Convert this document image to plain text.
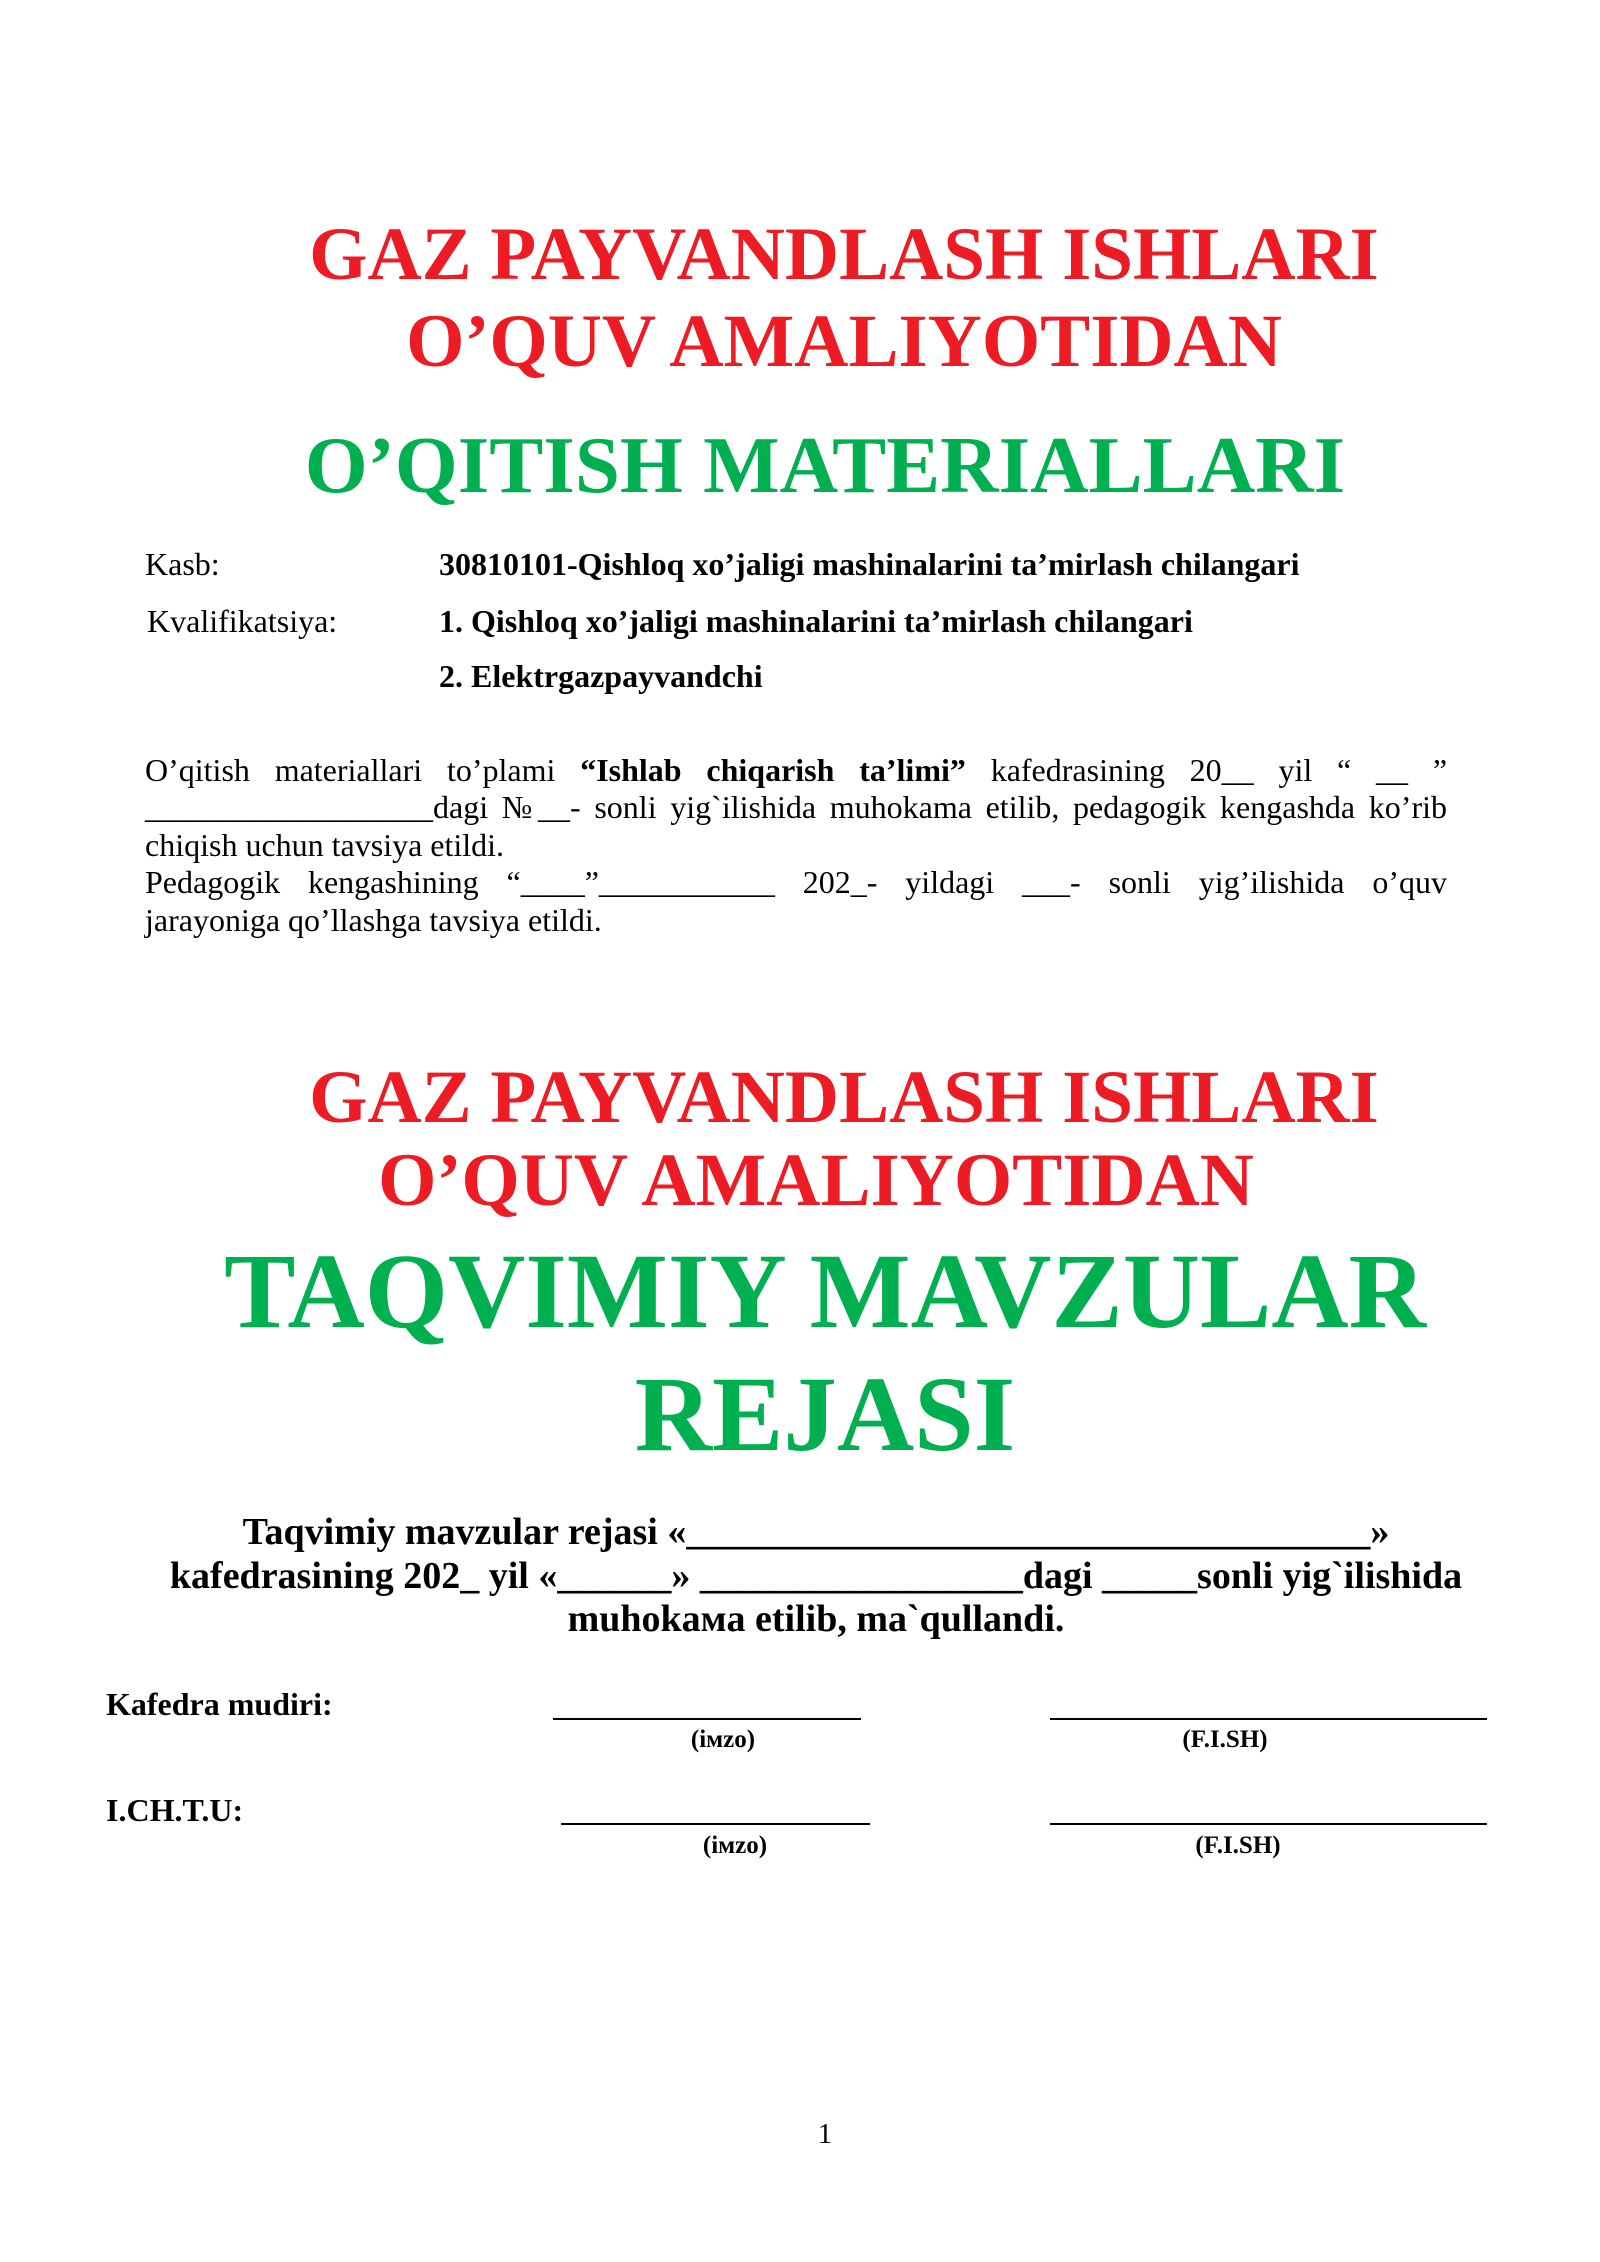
GAZ PAYVANDLASH ISHLARI
O’QUV AMALIYOTIDAN
O’QITISH MATERIALLARI
Kasb:	30810101-Qishloq xo’jaligi mashinalarini ta’mirlash chilangari
Kvalifikatsiya:	1. Qishloq xo’jaligi mashinalarini ta’mirlash chilangari
2. Elektrgazpayvandchi
O’qitish materiallari to’plami “Ishlab chiqarish ta’limi” kafedrasining 20__ yil “ __ ”
__________________dagi №__- sonli yig`ilishida muhokama etilib, pedagogik kengashda ko’rib
chiqish uchun tavsiya etildi.
Pedagogik kengashining “____”___________ 202_- yildagi ___- sonli yig’ilishida o’quv
jarayoniga qo’llashga tavsiya etildi.
GAZ PAYVANDLASH ISHLARI
O’QUV AMALIYOTIDAN
TAQVIMIY MAVZULAR
REJASI
Taqvimiy mavzular rejasi «____________________________________»
kafedrasining 202_ yil «______» _________________dagi _____sonli yig`ilishida
muhokaмa etilib, ma`qullandi.
Kafedra mudiri:
(iмzo)	(F.I.SH)
I.CH.T.U:
(iмzo)	(F.I.SH)
1
